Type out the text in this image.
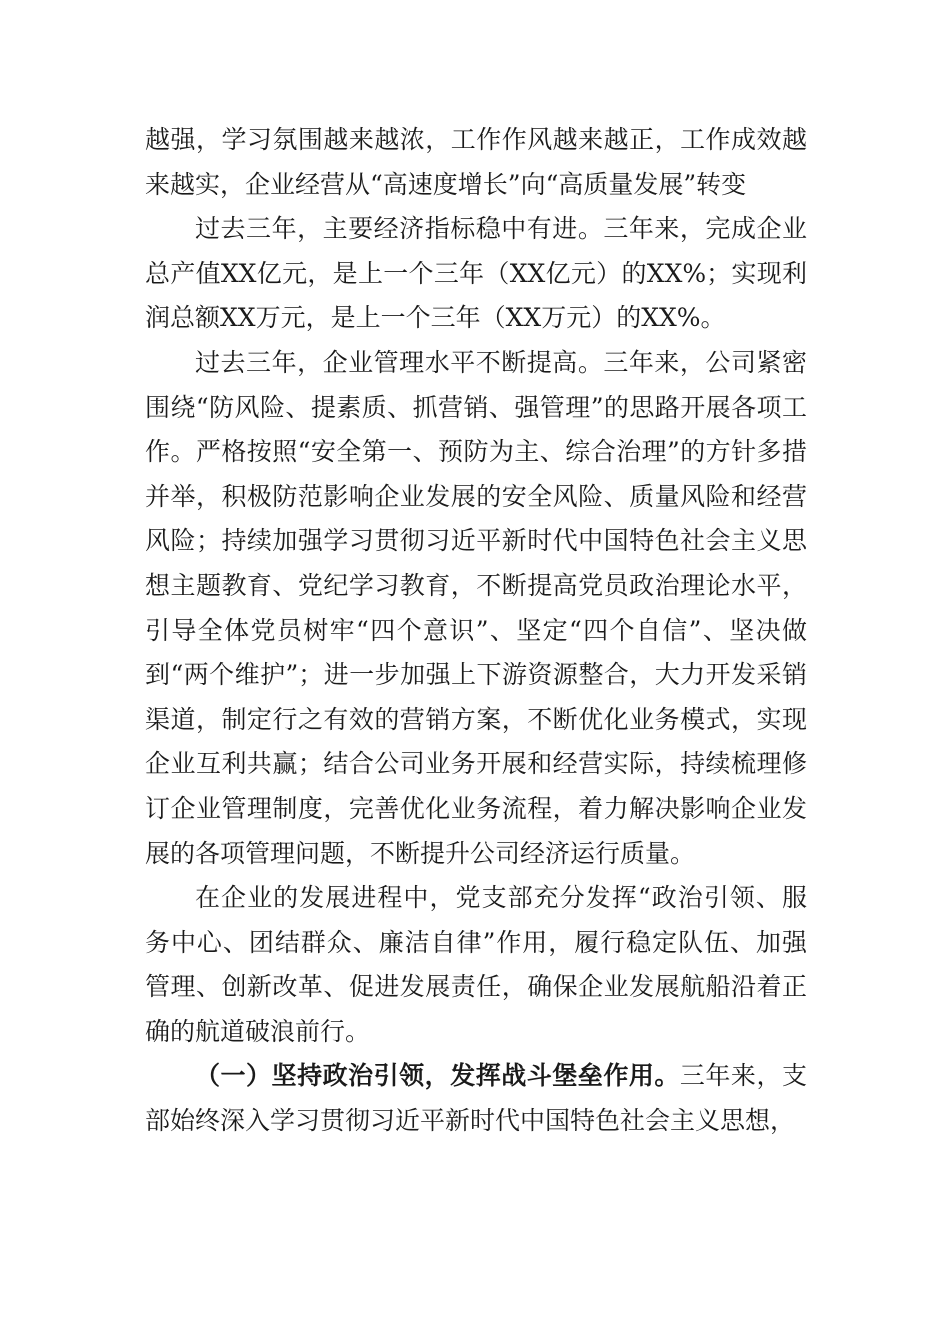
越强，学习氛围越来越浓，工作作风越来越正，工作成效越来越实，企业经营从“高速度增长”向“高质量发展”转变

过去三年，主要经济指标稳中有进。三年来，完成企业总产值XX亿元，是上一个三年（XX亿元）的XX%；实现利润总额XX万元，是上一个三年（XX万元）的XX%。

过去三年，企业管理水平不断提高。三年来，公司紧密围绕“防风险、提素质、抓营销、强管理”的思路开展各项工作。严格按照“安全第一、预防为主、综合治理”的方针多措并举，积极防范影响企业发展的安全风险、质量风险和经营风险；持续加强学习贯彻习近平新时代中国特色社会主义思想主题教育、党纪学习教育，不断提高党员政治理论水平，引导全体党员树牢“四个意识”、坚定“四个自信”、坚决做到“两个维护”；进一步加强上下游资源整合，大力开发采销渠道，制定行之有效的营销方案，不断优化业务模式，实现企业互利共赢；结合公司业务开展和经营实际，持续梳理修订企业管理制度，完善优化业务流程，着力解决影响企业发展的各项管理问题，不断提升公司经济运行质量。

在企业的发展进程中，党支部充分发挥“政治引领、服务中心、团结群众、廉洁自律”作用，履行稳定队伍、加强管理、创新改革、促进发展责任，确保企业发展航船沿着正确的航道破浪前行。

（一）坚持政治引领，发挥战斗堡垒作用。三年来，支部始终深入学习贯彻习近平新时代中国特色社会主义思想，
